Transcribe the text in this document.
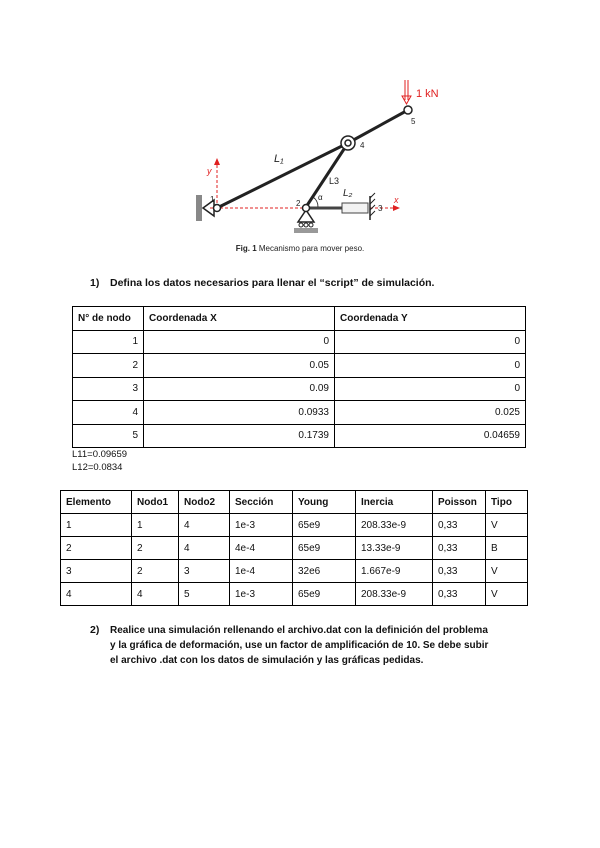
x
y
α
1 kN
1	2
3
4
5
L₁
L3
L₂
Fig. 1 Mecanismo para mover peso.
1) Defina los datos necesarios para llenar el “script” de simulación.
N° de nodo	Coordenada X	Coordenada Y
1	0	0
2	0.05	0
3	0.09	0
4	0.0933	0.025
5	0.1739	0.04659
L11=0.09659
L12=0.0834
Elemento	Nodo1	Nodo2	Sección	Young	Inercia	Poisson	Tipo
1	1	4	1e-3	65e9	208.33e-9	0,33	V
2	2	4	4e-4	65e9	13.33e-9	0,33	B
3	2	3	1e-4	32e6	1.667e-9	0,33	V
4	4	5	1e-3	65e9	208.33e-9	0,33	V
2) Realice una simulación rellenando el archivo.dat con la definición del problema
y la gráfica de deformación, use un factor de amplificación de 10. Se debe subir
el archivo .dat con los datos de simulación y las gráficas pedidas.
